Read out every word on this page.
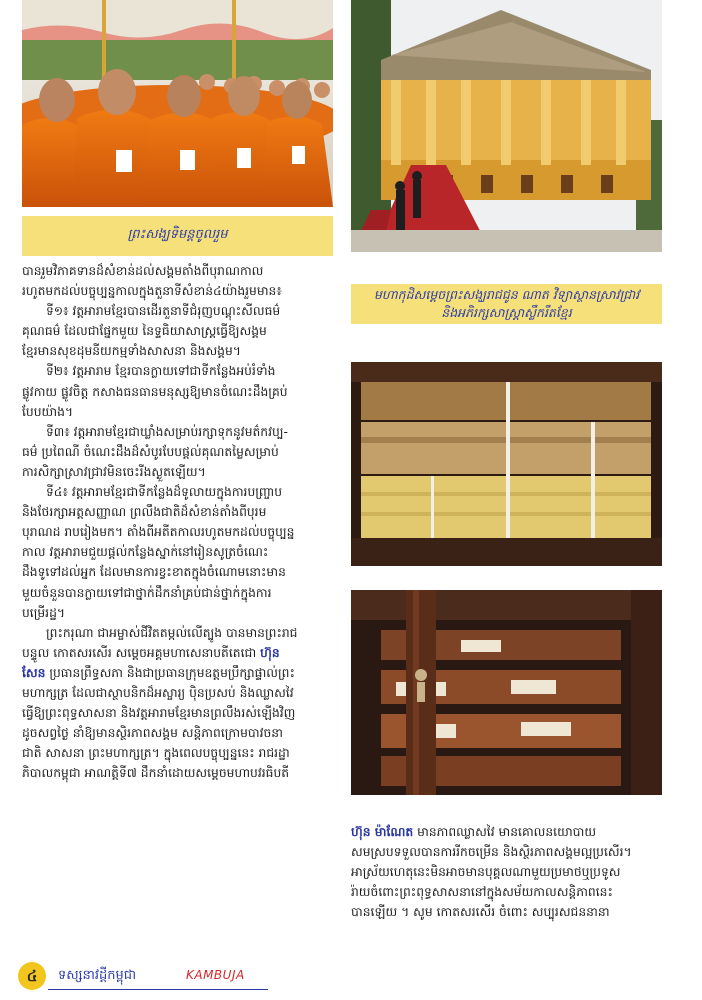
ព្រះសង្ឃទិមន្តចូលរួម
មហាកុដិសម្តេចព្រះសង្ឃរាជជូន ណាត វិទ្យាស្ថានស្រាវជ្រាវ
និងអភិរក្សសាស្ត្រាស្លឹករឹតខ្មែរ

បានរួមវិភាគទានដ៏សំខាន់ដល់សង្គមតាំងពីបុរាណកាល
រហូតមកដល់បច្ចុប្បន្នកាលក្នុងតួនាទីសំខាន់៤យ៉ាងរួមមាន៖

ទី១៖ វត្តអារាមខ្មែរបានដើរតួនាទីជំរុញបណ្តុះសីលធម៌
គុណធម៌ ដែលជាផ្នែកមួយ នៃទ្ទធិយាសាស្ត្រធ្វើឱ្យសង្គម
ខ្មែរមានសុខដុមនីយកម្មទាំងសាសនា និងសង្គម។

ទី២៖ វត្តអារាម ខ្មែរបានក្លាយទៅជាទីកន្លែងអប់រំទាំង
ផ្លូវកាយ ផ្លូវចិត្ត កសាងធនធានមនុស្សឱ្យមានចំណេះដឹងគ្រប់
បែបយ៉ាង។

ទី៣៖ វត្តអារាមខ្មែរជាឃ្លាំងសម្រាប់រក្សាទុកនូវមត៌កវប្ប-
ធម៌ ប្រពៃណី ចំណេះដឹងដ៏សំបូរបែបផ្តល់គុណតម្លៃសម្រាប់
ការសិក្សាស្រាវជ្រាវមិនចេះរីងស្ងួតឡើយ។

ទី៤៖ វត្តអារាមខ្មែរជាទីកន្លែងដ៏ទូលាយក្នុងការបញ្ច្រាប
និងថែរក្សាអត្តសញ្ញាណ ព្រលឹងជាតិដ៏សំខាន់តាំងពីបុរម
បុរាណដ រាបរៀងមក។ តាំងពីអតីតកាលរហូតមកដល់បច្ចុប្បន្ន
កាល វត្តអារាមជួយផ្តល់កន្លែងស្នាក់នៅរៀនសូត្រចំណេះ
ដឹងទូទៅដល់អ្នក ដែលមានការខ្វះខាតក្នុងចំណោមនោះមាន
មួយចំនួនបានក្លាយទៅជាថ្នាក់ដឹកនាំគ្រប់ជាន់ថ្នាក់ក្នុងការ
បម្រើរដ្ឋ។

ព្រះករុណា ជាអម្ចាស់ជីវិតតម្កល់លើត្បូង បានមានព្រះរាជ
បន្ទូល កោតសរសើរ សម្តេចអគ្គមហាសេនាបតីតេជោ ហ៊ុន
សែន ប្រធានព្រឹទ្ធសភា និងជាប្រធានក្រុមឧត្តមប្រឹក្សាផ្ទាល់ព្រះ
មហាក្សត្រ ដែលជាស្ថាបនិកដ៏អស្ចារ្យ ប៉ិនប្រសប់ និងឈ្លាសវៃ
ធ្វើឱ្យព្រះពុទ្ធសាសនា និងវត្តអារាមខ្មែរមានព្រលឹងរស់ឡើងវិញ
ដូចសព្វថ្ងៃ នាំឱ្យមានស្ថិរភាពសង្គម សន្តិភាពក្រោមបាវចនា
ជាតិ សាសនា ព្រះមហាក្សត្រ។ ក្នុងពេលបច្ចុប្បន្ននេះ រាជរដ្ឋា
ភិបាលកម្ពុជា អាណត្តិទី៧ ដឹកនាំដោយសម្តេចមហាបវរធិបតី

ហ៊ុន ម៉ាណែត មានភាពឈ្លាសវៃ មានគោលនយោបាយ
សមស្របទទួលបានការរីកចម្រើន និងស្ថិរភាពសង្គមល្អប្រសើរ។
អាស្រ័យហេតុនេះមិនអាចមានបុគ្គលណាមួយប្រមាថឬប្រទូស
រ៉ាយចំពោះព្រះពុទ្ធសាសនានៅក្នុងសម័យកាលសន្តិភាពនេះ
បានឡើយ ។ សូម កោតសរសើរ ចំពោះ សប្បុរសជននានា

៤	ទស្សនាវដ្តីកម្ពុជា	KAMBUJA
